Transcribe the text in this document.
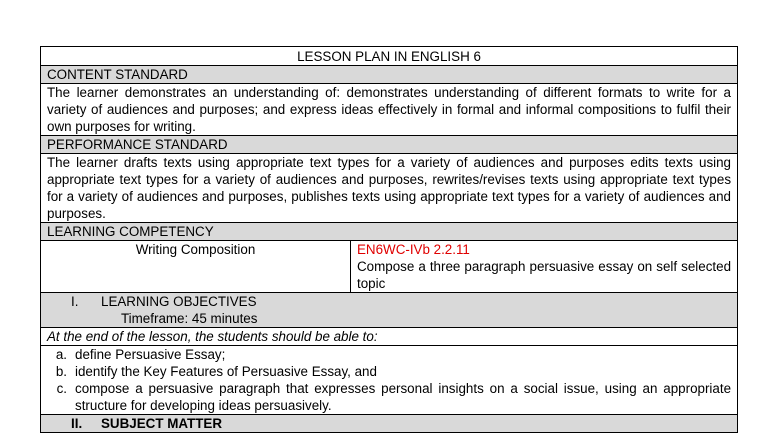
LESSON PLAN IN ENGLISH 6
CONTENT STANDARD
The learner demonstrates an understanding of: demonstrates understanding of different formats to write for a variety of audiences and purposes; and express ideas effectively in formal and informal compositions to fulfil their own purposes for writing.
PERFORMANCE STANDARD
The learner drafts texts using appropriate text types for a variety of audiences and purposes edits texts using appropriate text types for a variety of audiences and purposes, rewrites/revises texts using appropriate text types for a variety of audiences and purposes, publishes texts using appropriate text types for a variety of audiences and purposes.
LEARNING COMPETENCY
Writing Composition	EN6WC-IVb 2.2.11
Compose a three paragraph persuasive essay on self selected topic

I. LEARNING OBJECTIVES
Timeframe: 45 minutes

At the end of the lesson, the students should be able to:

a. define Persuasive Essay;
b. identify the Key Features of Persuasive Essay, and
c. compose a persuasive paragraph that expresses personal insights on a social issue, using an appropriate structure for developing ideas persuasively.

II. SUBJECT MATTER
